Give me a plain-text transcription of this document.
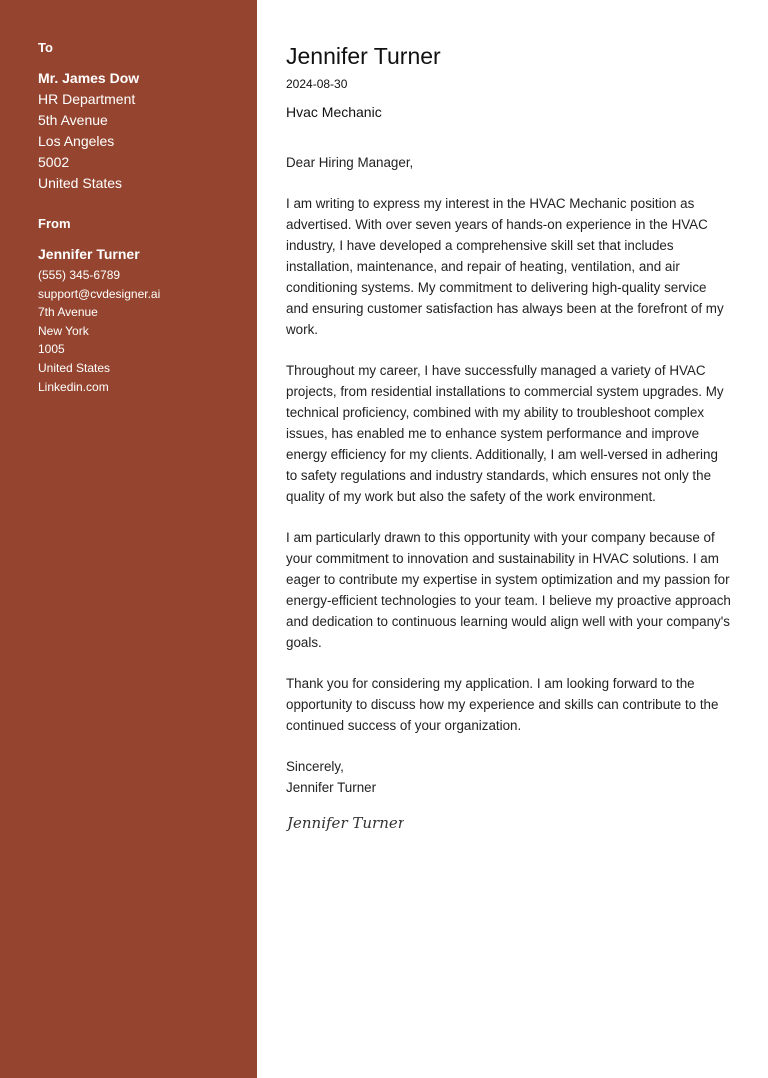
To
Mr. James Dow
HR Department
5th Avenue
Los Angeles
5002
United States
From
Jennifer Turner
(555) 345-6789
support@cvdesigner.ai
7th Avenue
New York
1005
United States
Linkedin.com
Jennifer Turner
2024-08-30
Hvac Mechanic
Dear Hiring Manager,
I am writing to express my interest in the HVAC Mechanic position as advertised. With over seven years of hands-on experience in the HVAC industry, I have developed a comprehensive skill set that includes installation, maintenance, and repair of heating, ventilation, and air conditioning systems. My commitment to delivering high-quality service and ensuring customer satisfaction has always been at the forefront of my work.
Throughout my career, I have successfully managed a variety of HVAC projects, from residential installations to commercial system upgrades. My technical proficiency, combined with my ability to troubleshoot complex issues, has enabled me to enhance system performance and improve energy efficiency for my clients. Additionally, I am well-versed in adhering to safety regulations and industry standards, which ensures not only the quality of my work but also the safety of the work environment.
I am particularly drawn to this opportunity with your company because of your commitment to innovation and sustainability in HVAC solutions. I am eager to contribute my expertise in system optimization and my passion for energy-efficient technologies to your team. I believe my proactive approach and dedication to continuous learning would align well with your company's goals.
Thank you for considering my application. I am looking forward to the opportunity to discuss how my experience and skills can contribute to the continued success of your organization.
Sincerely,
Jennifer Turner
Jennifer Turner
